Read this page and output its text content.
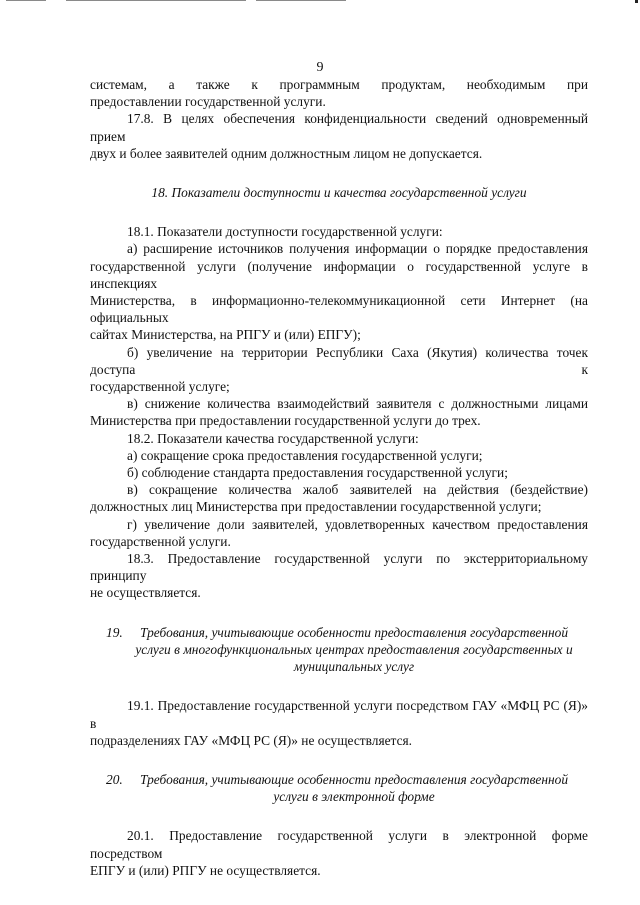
9

системам, а также к программным продуктам, необходимым при
предоставлении государственной услуги.

17.8. В целях обеспечения конфиденциальности сведений одновременный прием
двух и более заявителей одним должностным лицом не допускается.

18. Показатели доступности и качества государственной услуги

18.1. Показатели доступности государственной услуги:

а) расширение источников получения информации о порядке предоставления
государственной услуги (получение информации о государственной услуге в инспекциях
Министерства, в информационно-телекоммуникационной сети Интернет (на официальных
сайтах Министерства, на РПГУ и (или) ЕПГУ);

б) увеличение на территории Республики Саха (Якутия) количества точек доступа к
государственной услуге;

в) снижение количества взаимодействий заявителя с должностными лицами
Министерства при предоставлении государственной услуги до трех.

18.2. Показатели качества государственной услуги:

а) сокращение срока предоставления государственной услуги;

б) соблюдение стандарта предоставления государственной услуги;

в) сокращение количества жалоб заявителей на действия (бездействие)
должностных лиц Министерства при предоставлении государственной услуги;

г) увеличение доли заявителей, удовлетворенных качеством предоставления
государственной услуги.

18.3. Предоставление государственной услуги по экстерриториальному принципу
не осуществляется.

19.	Требования, учитывающие особенности предоставления государственной
услуги в многофункциональных центрах предоставления государственных и
муниципальных услуг

19.1. Предоставление государственной услуги посредством ГАУ «МФЦ РС (Я)» в
подразделениях ГАУ «МФЦ РС (Я)» не осуществляется.

20.	Требования, учитывающие особенности предоставления государственной
услуги в электронной форме

20.1. Предоставление государственной услуги в электронной форме посредством
ЕПГУ и (или) РПГУ не осуществляется.
